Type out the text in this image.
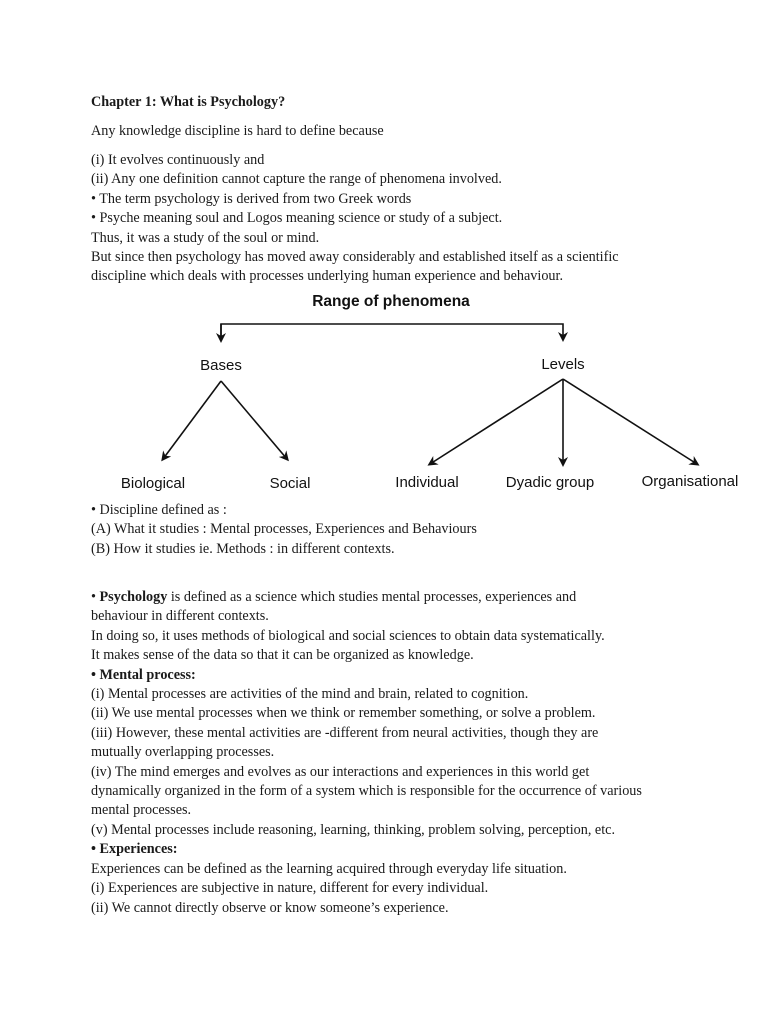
Chapter 1: What is Psychology?

Any knowledge discipline is hard to define because

(i) It evolves continuously and

(ii) Any one definition cannot capture the range of phenomena involved.

• The term psychology is derived from two Greek words

• Psyche meaning soul and Logos meaning science or study of a subject.

Thus, it was a study of the soul or mind.

But since then psychology has moved away considerably and established itself as a scientific

discipline which deals with processes underlying human experience and behaviour.

Range of phenomena
Bases	Levels
Biological	Social	Individual	Dyadic group	Organisational

• Discipline defined as :

(A) What it studies : Mental processes, Experiences and Behaviours

(B) How it studies ie. Methods : in different contexts.

• Psychology is defined as a science which studies mental processes, experiences and

behaviour in different contexts.

In doing so, it uses methods of biological and social sciences to obtain data systematically.

It makes sense of the data so that it can be organized as knowledge.

• Mental process:

(i) Mental processes are activities of the mind and brain, related to cognition.

(ii) We use mental processes when we think or remember something, or solve a problem.

(iii) However, these mental activities are -different from neural activities, though they are

mutually overlapping processes.

(iv) The mind emerges and evolves as our interactions and experiences in this world get

dynamically organized in the form of a system which is responsible for the occurrence of various

mental processes.

(v) Mental processes include reasoning, learning, thinking, problem solving, perception, etc.

• Experiences:

Experiences can be defined as the learning acquired through everyday life situation.

(i) Experiences are subjective in nature, different for every individual.

(ii) We cannot directly observe or know someone’s experience.
